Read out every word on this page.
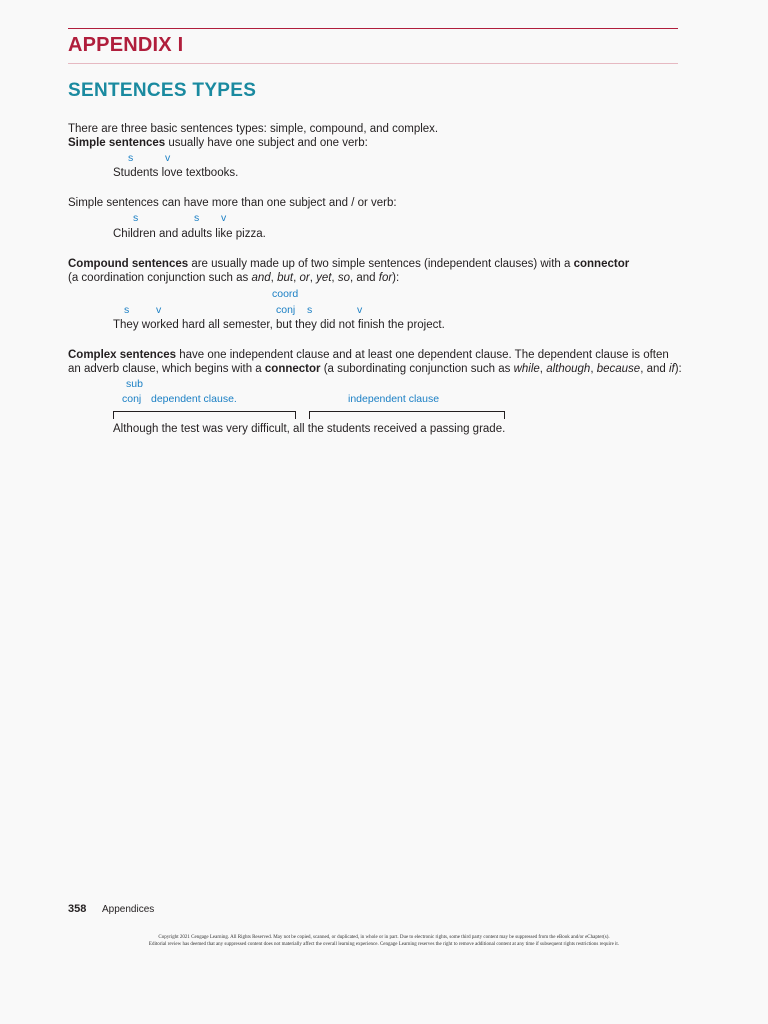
APPENDIX I
SENTENCES TYPES
There are three basic sentences types: simple, compound, and complex.
Simple sentences usually have one subject and one verb:
s	v
Students love textbooks.
Simple sentences can have more than one subject and / or verb:
s	s v
Children and adults like pizza.
Compound sentences are usually made up of two simple sentences (independent clauses) with a connector
(a coordination conjunction such as and, but, or, yet, so, and for):
coord
s	v	conj s	v
They worked hard all semester, but they did not finish the project.
Complex sentences have one independent clause and at least one dependent clause. The dependent clause is often
an adverb clause, which begins with a connector (a subordinating conjunction such as while, although, because, and if):
sub
conj dependent clause.	independent clause
Although the test was very difficult, all the students received a passing grade.
358 Appendices
Copyright 2021 Cengage Learning. All Rights Reserved. May not be copied, scanned, or duplicated, in whole or in part. Due to electronic rights, some third party content may be suppressed from the eBook and/or eChapter(s).
Editorial review has deemed that any suppressed content does not materially affect the overall learning experience. Cengage Learning reserves the right to remove additional content at any time if subsequent rights restrictions require it.
